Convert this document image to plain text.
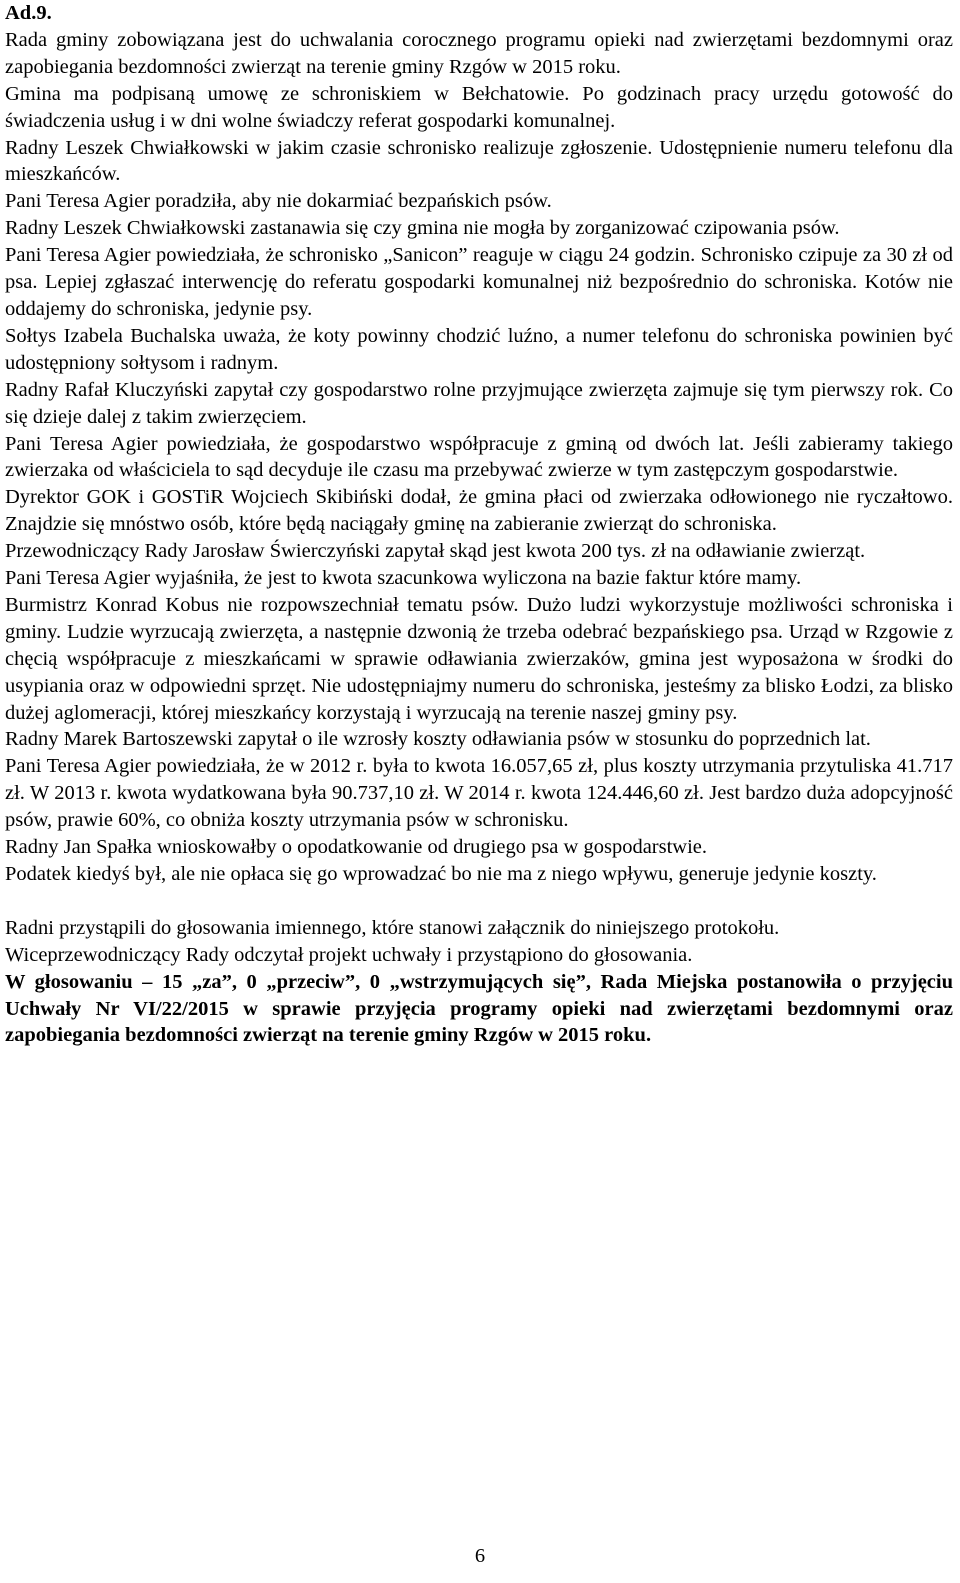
Ad.9.

Rada gminy zobowiązana jest do uchwalania corocznego programu opieki nad zwierzętami bezdomnymi oraz zapobiegania bezdomności zwierząt na terenie gminy Rzgów w 2015 roku.

Gmina ma podpisaną umowę ze schroniskiem w Bełchatowie. Po godzinach pracy urzędu gotowość do świadczenia usług i w dni wolne świadczy referat gospodarki komunalnej.

Radny Leszek Chwiałkowski w jakim czasie schronisko realizuje zgłoszenie. Udostępnienie numeru telefonu dla mieszkańców.

Pani Teresa Agier poradziła, aby nie dokarmiać bezpańskich psów.

Radny Leszek Chwiałkowski zastanawia się czy gmina nie mogła by zorganizować czipowania psów.

Pani Teresa Agier powiedziała, że schronisko „Sanicon” reaguje w ciągu 24 godzin. Schronisko czipuje za 30 zł od psa. Lepiej zgłaszać interwencję do referatu gospodarki komunalnej niż bezpośrednio do schroniska. Kotów nie oddajemy do schroniska, jedynie psy.

Sołtys Izabela Buchalska uważa, że koty powinny chodzić luźno, a numer telefonu do schroniska powinien być udostępniony sołtysom i radnym.

Radny Rafał Kluczyński zapytał czy gospodarstwo rolne przyjmujące zwierzęta zajmuje się tym pierwszy rok. Co się dzieje dalej z takim zwierzęciem.

Pani Teresa Agier powiedziała, że gospodarstwo współpracuje z gminą od dwóch lat. Jeśli zabieramy takiego zwierzaka od właściciela to sąd decyduje ile czasu ma przebywać zwierze w tym zastępczym gospodarstwie.

Dyrektor GOK i GOSTiR Wojciech Skibiński dodał, że gmina płaci od zwierzaka odłowionego nie ryczałtowo. Znajdzie się mnóstwo osób, które będą naciągały gminę na zabieranie zwierząt do schroniska.

Przewodniczący Rady Jarosław Świerczyński zapytał skąd jest kwota 200 tys. zł na odławianie zwierząt.

Pani Teresa Agier wyjaśniła, że jest to kwota szacunkowa wyliczona na bazie faktur które mamy.

Burmistrz Konrad Kobus nie rozpowszechniał tematu psów. Dużo ludzi wykorzystuje możliwości schroniska i gminy. Ludzie wyrzucają zwierzęta, a następnie dzwonią że trzeba odebrać bezpańskiego psa. Urząd w Rzgowie z chęcią współpracuje z mieszkańcami w sprawie odławiania zwierzaków, gmina jest wyposażona w środki do usypiania oraz w odpowiedni sprzęt. Nie udostępniajmy numeru do schroniska, jesteśmy za blisko Łodzi, za blisko dużej aglomeracji, której mieszkańcy korzystają i wyrzucają na terenie naszej gminy psy.

Radny Marek Bartoszewski zapytał o ile wzrosły koszty odławiania psów w stosunku do poprzednich lat.

Pani Teresa Agier powiedziała, że w 2012 r. była to kwota 16.057,65 zł, plus koszty utrzymania przytuliska 41.717 zł. W 2013 r. kwota wydatkowana była 90.737,10 zł. W 2014 r. kwota 124.446,60 zł. Jest bardzo duża adopcyjność psów, prawie 60%, co obniża koszty utrzymania psów w schronisku.

Radny Jan Spałka wnioskowałby o opodatkowanie od drugiego psa w gospodarstwie.

Podatek kiedyś był, ale nie opłaca się go wprowadzać bo nie ma z niego wpływu, generuje jedynie koszty.

Radni przystąpili do głosowania imiennego, które stanowi załącznik do niniejszego protokołu.

Wiceprzewodniczący Rady odczytał projekt uchwały i przystąpiono do głosowania.

W głosowaniu – 15 „za”, 0 „przeciw”, 0 „wstrzymujących się”, Rada Miejska postanowiła o przyjęciu Uchwały Nr VI/22/2015 w sprawie przyjęcia programy opieki nad zwierzętami bezdomnymi oraz zapobiegania bezdomności zwierząt na terenie gminy Rzgów w 2015 roku.

6
